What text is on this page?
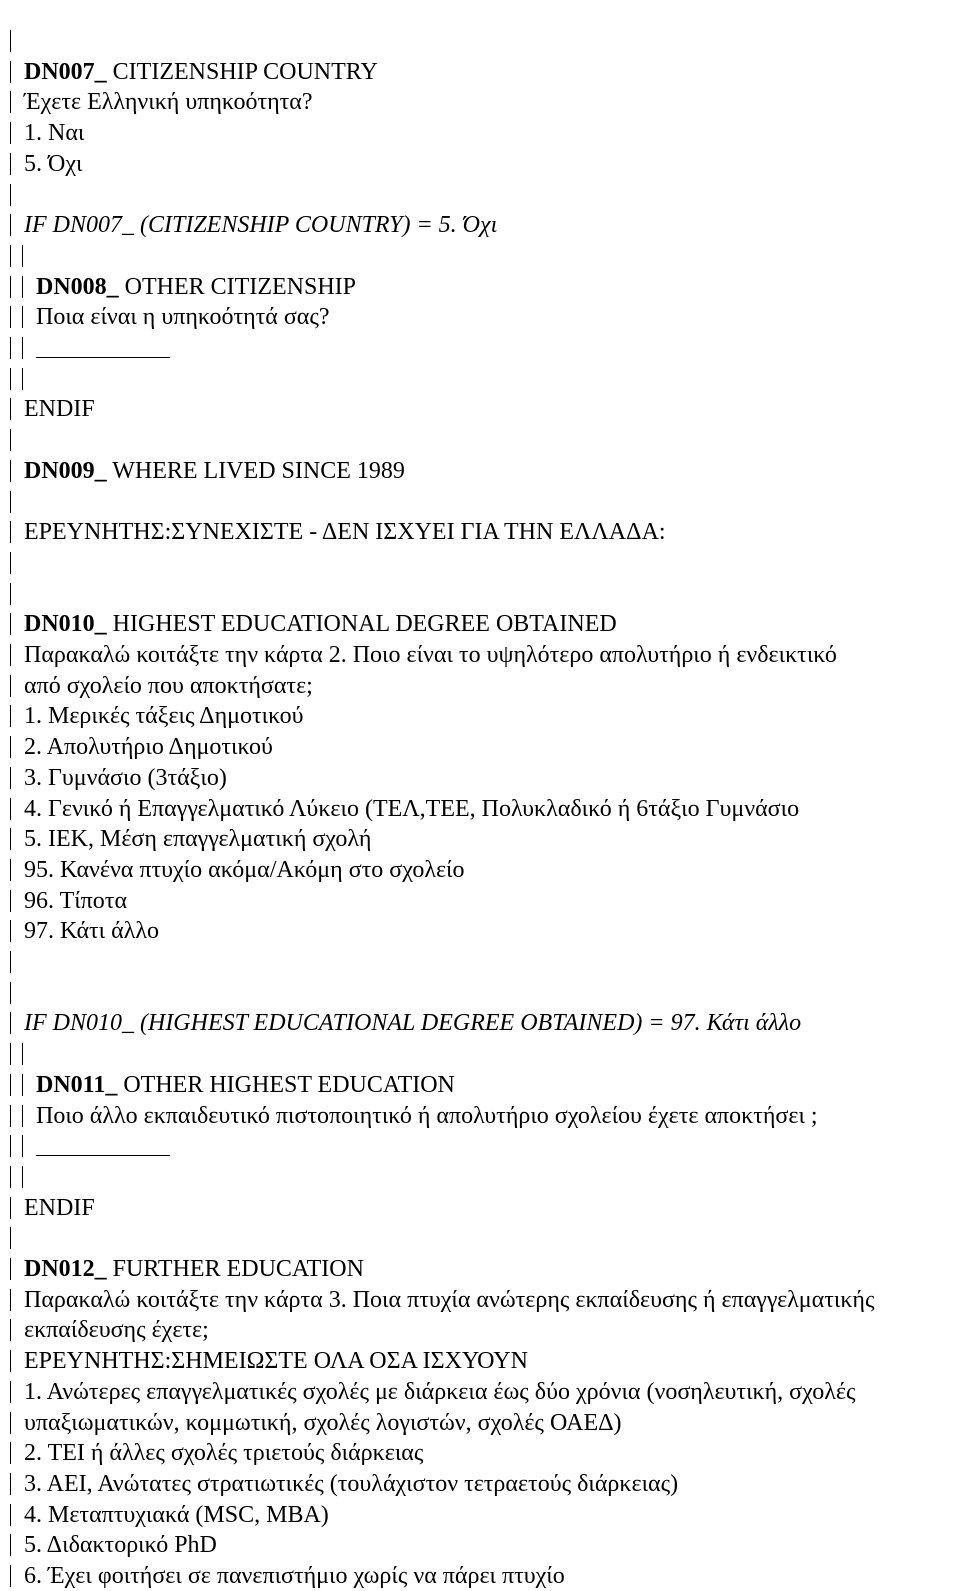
DN007_ CITIZENSHIP COUNTRY
Έχετε Ελληνική υπηκοότητα?
1. Ναι
5. Όχι
IF DN007_ (CITIZENSHIP COUNTRY) = 5. Όχι
DN008_ OTHER CITIZENSHIP
Ποια είναι η υπηκοότητά σας?
ENDIF
DN009_ WHERE LIVED SINCE 1989
ΕΡΕΥΝΗΤΗΣ:ΣΥΝΕΧΙΣΤΕ - ΔΕΝ ΙΣΧΥΕΙ ΓΙΑ ΤΗΝ ΕΛΛΑΔΑ:
DN010_ HIGHEST EDUCATIONAL DEGREE OBTAINED
Παρακαλώ κοιτάξτε την κάρτα 2. Ποιο είναι το υψηλότερο απολυτήριο ή ενδεικτικό
από σχολείο που αποκτήσατε;
1. Μερικές τάξεις Δημοτικού
2. Απολυτήριο Δημοτικού
3. Γυμνάσιο (3τάξιο)
4. Γενικό ή Επαγγελματικό Λύκειο (ΤΕΛ,ΤΕΕ, Πολυκλαδικό ή 6τάξιο Γυμνάσιο
5. ΙΕΚ, Μέση επαγγελματική σχολή
95. Κανένα πτυχίο ακόμα/Ακόμη στο σχολείο
96. Τίποτα
97. Κάτι άλλο
IF DN010_ (HIGHEST EDUCATIONAL DEGREE OBTAINED) = 97. Κάτι άλλο
DN011_ OTHER HIGHEST EDUCATION
Ποιο άλλο εκπαιδευτικό πιστοποιητικό ή απολυτήριο σχολείου έχετε αποκτήσει ;
ENDIF
DN012_ FURTHER EDUCATION
Παρακαλώ κοιτάξτε την κάρτα 3. Ποια πτυχία ανώτερης εκπαίδευσης ή επαγγελματικής
εκπαίδευσης έχετε;
ΕΡΕΥΝΗΤΗΣ:ΣΗΜΕΙΩΣΤΕ ΟΛΑ ΟΣΑ ΙΣΧΥΟΥΝ
1. Ανώτερες επαγγελματικές σχολές με διάρκεια έως δύο χρόνια (νοσηλευτική, σχολές
υπαξιωματικών, κομμωτική, σχολές λογιστών, σχολές ΟΑΕΔ)
2. ΤΕΙ ή άλλες σχολές τριετούς διάρκειας
3. ΑΕΙ, Ανώτατες στρατιωτικές (τουλάχιστον τετραετούς διάρκειας)
4. Μεταπτυχιακά (MSC, MBA)
5. Διδακτορικό PhD
6. Έχει φοιτήσει σε πανεπιστήμιο χωρίς να πάρει πτυχίο
